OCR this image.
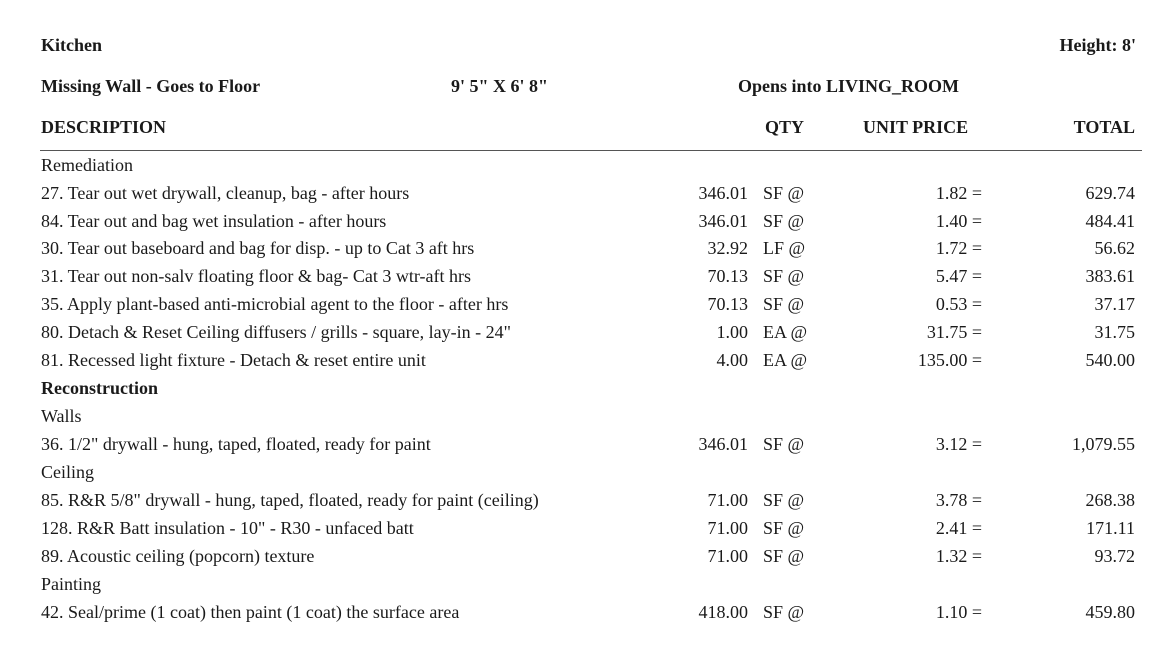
Kitchen	Height: 8'
Missing Wall - Goes to Floor	9' 5" X 6' 8"	Opens into LIVING_ROOM
DESCRIPTION	QTY	UNIT PRICE	TOTAL
Remediation
27. Tear out wet drywall, cleanup, bag - after hours	346.01 SF @	1.82 =	629.74
84. Tear out and bag wet insulation - after hours	346.01 SF @	1.40 =	484.41
30. Tear out baseboard and bag for disp. - up to Cat 3 aft hrs	32.92 LF @	1.72 =	56.62
31. Tear out non-salv floating floor & bag- Cat 3 wtr-aft hrs	70.13 SF @	5.47 =	383.61
35. Apply plant-based anti-microbial agent to the floor - after hrs	70.13 SF @	0.53 =	37.17
80. Detach & Reset Ceiling diffusers / grills - square, lay-in - 24"	1.00 EA @	31.75 =	31.75
81. Recessed light fixture - Detach & reset entire unit	4.00 EA @	135.00 =	540.00
Reconstruction
Walls
36. 1/2" drywall - hung, taped, floated, ready for paint	346.01 SF @	3.12 =	1,079.55
Ceiling
85. R&R 5/8" drywall - hung, taped, floated, ready for paint (ceiling)	71.00 SF @	3.78 =	268.38
128. R&R Batt insulation - 10" - R30 - unfaced batt	71.00 SF @	2.41 =	171.11
89. Acoustic ceiling (popcorn) texture	71.00 SF @	1.32 =	93.72
Painting
42. Seal/prime (1 coat) then paint (1 coat) the surface area	418.00 SF @	1.10 =	459.80
